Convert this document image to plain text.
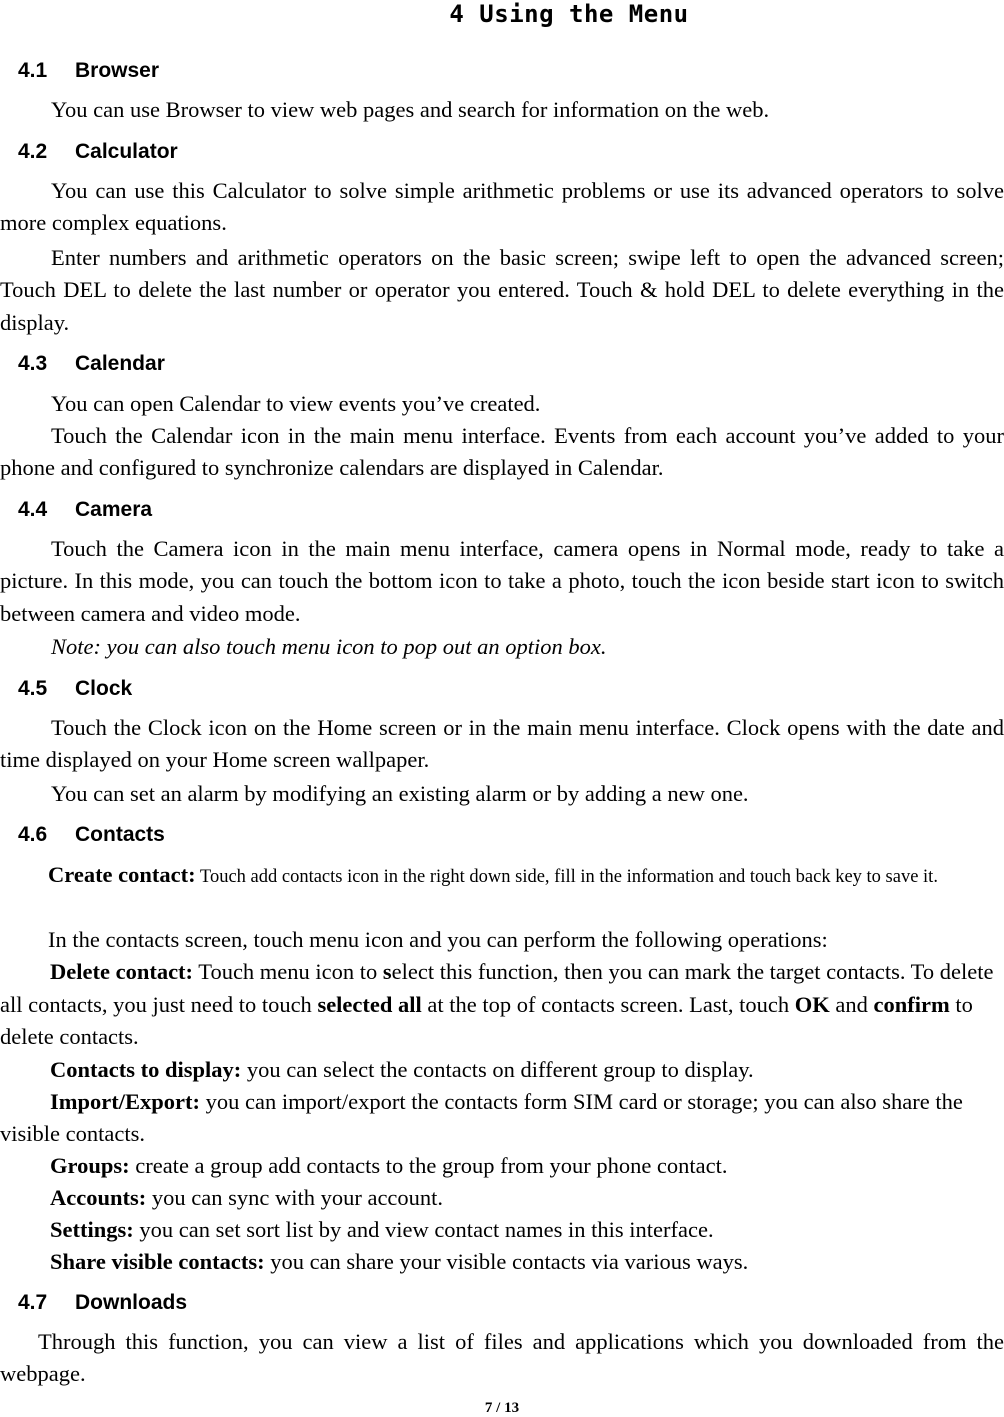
4 Using the Menu
4.1 Browser

You can use Browser to view web pages and search for information on the web.

4.2 Calculator

You can use this Calculator to solve simple arithmetic problems or use its advanced operators to solve more complex equations.

Enter numbers and arithmetic operators on the basic screen; swipe left to open the advanced screen; Touch DEL to delete the last number or operator you entered. Touch & hold DEL to delete everything in the display.

4.3 Calendar

You can open Calendar to view events you’ve created.

Touch the Calendar icon in the main menu interface. Events from each account you’ve added to your phone and configured to synchronize calendars are displayed in Calendar.

4.4 Camera

Touch the Camera icon in the main menu interface, camera opens in Normal mode, ready to take a picture. In this mode, you can touch the bottom icon to take a photo, touch the icon beside start icon to switch between camera and video mode.

Note: you can also touch menu icon to pop out an option box.

4.5 Clock

Touch the Clock icon on the Home screen or in the main menu interface. Clock opens with the date and time displayed on your Home screen wallpaper.

You can set an alarm by modifying an existing alarm or by adding a new one.

4.6 Contacts

Create contact: Touch add contacts icon in the right down side, fill in the information and touch back key to save it.

In the contacts screen, touch menu icon and you can perform the following operations:

Delete contact: Touch menu icon to select this function, then you can mark the target contacts. To delete all contacts, you just need to touch selected all at the top of contacts screen. Last, touch OK and confirm to delete contacts.

Contacts to display: you can select the contacts on different group to display.

Import/Export: you can import/export the contacts form SIM card or storage; you can also share the visible contacts.

Groups: create a group add contacts to the group from your phone contact.

Accounts: you can sync with your account.

Settings: you can set sort list by and view contact names in this interface.

Share visible contacts: you can share your visible contacts via various ways.

4.7 Downloads

Through this function, you can view a list of files and applications which you downloaded from the webpage.

7 / 13
